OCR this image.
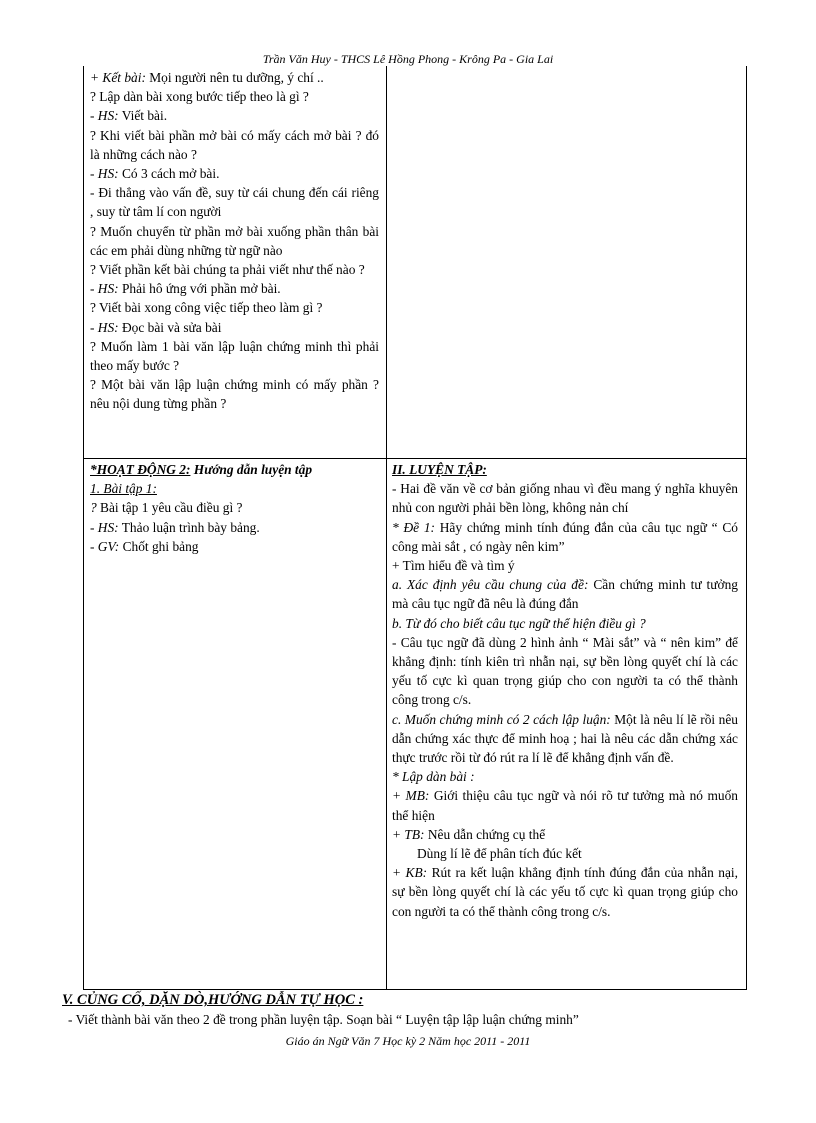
Trần Văn Huy - THCS Lê Hồng Phong - Krông Pa - Gia Lai

+ Kết bài: Mọi người nên tu dưỡng, ý chí ..

? Lập dàn bài xong bước tiếp theo là gì ?

- HS: Viết bài.

? Khi viết bài phần mở bài có mấy cách mở bài ? đó là những cách nào ?

- HS: Có 3 cách mở bài.

- Đi thẳng vào vấn đề, suy từ cái chung đến cái riêng , suy từ tâm lí con người

? Muốn chuyển từ phần mở bài xuống phần thân bài các em phải dùng những từ ngữ nào

? Viết phần kết bài chúng ta phải viết như thế nào ?

- HS: Phải hô ứng với phần mở bài.

? Viết bài xong công việc tiếp theo làm gì ?

- HS: Đọc bài và sửa bài

? Muốn làm 1 bài văn lập luận chứng minh thì phải theo mấy bước ?

? Một bài văn lập luận chứng minh có mấy phần ? nêu nội dung từng phần ?

*HOẠT ĐỘNG 2: Hướng dẫn luyện tập

1. Bài tập 1:

? Bài tập 1 yêu cầu điều gì ?

- HS: Thảo luận trình bày bảng.

- GV: Chốt ghi bảng

II. LUYỆN TẬP:

- Hai đề văn về cơ bản giống nhau vì đều mang ý nghĩa khuyên nhủ con người phải bền lòng, không nản chí

* Đề 1: Hãy chứng minh tính đúng đắn của câu tục ngữ “ Có công mài sắt , có ngày nên kim”

+ Tìm hiểu đề và tìm ý

a. Xác định yêu cầu chung của đề: Cần chứng minh tư tưởng mà câu tục ngữ đã nêu là đúng đắn

b. Từ đó cho biết câu tục ngữ thể hiện điều gì ?

- Câu tục ngữ đã dùng 2 hình ảnh “ Mài sắt” và “ nên kim” để khẳng định: tính kiên trì nhẫn nại, sự bền lòng quyết chí là các yếu tố cực kì quan trọng giúp cho con người ta có thể thành công trong c/s.

c. Muốn chứng minh có 2 cách lập luận: Một là nêu lí lẽ rồi nêu dẫn chứng xác thực để minh hoạ ; hai là nêu các dẫn chứng xác thực trước rồi từ đó rút ra lí lẽ để khẳng định vấn đề.

* Lập dàn bài :

+ MB: Giới thiệu câu tục ngữ và nói rõ tư tưởng mà nó muốn thể hiện

+ TB: Nêu dẫn chứng cụ thể

Dùng lí lẽ để phân tích đúc kết

+ KB: Rút ra kết luận khẳng định tính đúng đắn của nhẫn nại, sự bền lòng quyết chí là các yếu tố cực kì quan trọng giúp cho con người ta có thể thành công trong c/s.

V. CỦNG CỐ, DẶN DÒ,HƯỚNG DẪN TỰ HỌC :
- Viết thành bài văn theo 2 đề trong phần luyện tập. Soạn bài “ Luyện tập lập luận chứng minh”
Giáo án Ngữ Văn 7 Học kỳ 2 Năm học 2011 - 2011
